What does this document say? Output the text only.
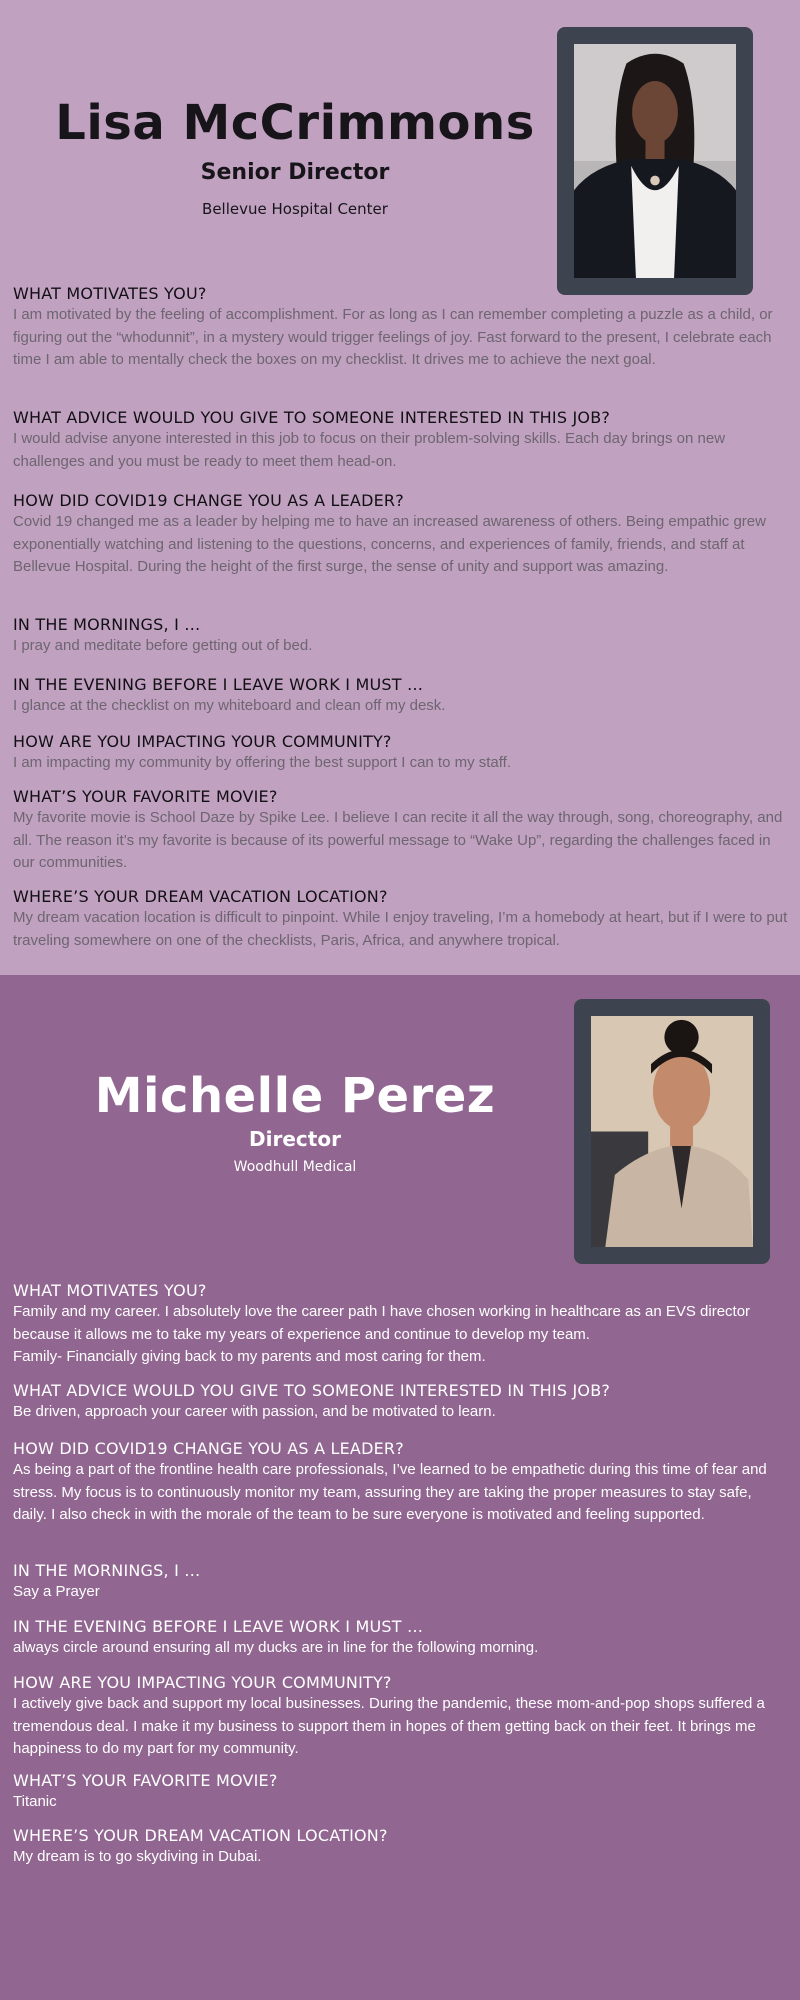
Lisa McCrimmons
Senior Director

Bellevue Hospital Center

WHAT MOTIVATES YOU?

I am motivated by the feeling of accomplishment. For as long as I can remember completing a puzzle as a child, or figuring out the “whodunnit”, in a mystery would trigger feelings of joy. Fast forward to the present, I celebrate each time I am able to mentally check the boxes on my checklist. It drives me to achieve the next goal.

WHAT ADVICE WOULD YOU GIVE TO SOMEONE INTERESTED IN THIS JOB?

I would advise anyone interested in this job to focus on their problem-solving skills. Each day brings on new challenges and you must be ready to meet them head-on.

HOW DID COVID19 CHANGE YOU AS A LEADER?

Covid 19 changed me as a leader by helping me to have an increased awareness of others. Being empathic grew exponentially watching and listening to the questions, concerns, and experiences of family, friends, and staff at Bellevue Hospital. During the height of the first surge, the sense of unity and support was amazing.

IN THE MORNINGS, I …

I pray and meditate before getting out of bed.

IN THE EVENING BEFORE I LEAVE WORK I MUST …

I glance at the checklist on my whiteboard and clean off my desk.

HOW ARE YOU IMPACTING YOUR COMMUNITY?

I am impacting my community by offering the best support I can to my staff.

WHAT’S YOUR FAVORITE MOVIE?

My favorite movie is School Daze by Spike Lee. I believe I can recite it all the way through, song, choreography, and all. The reason it’s my favorite is because of its powerful message to “Wake Up”, regarding the challenges faced in our communities.

WHERE’S YOUR DREAM VACATION LOCATION?

My dream vacation location is difficult to pinpoint. While I enjoy traveling, I’m a homebody at heart, but if I were to put traveling somewhere on one of the checklists, Paris, Africa, and anywhere tropical.

Michelle Perez
Director

Woodhull Medical

WHAT MOTIVATES YOU?

Family and my career. I absolutely love the career path I have chosen working in healthcare as an EVS director because it allows me to take my years of experience and continue to develop my team.
Family- Financially giving back to my parents and most caring for them.

WHAT ADVICE WOULD YOU GIVE TO SOMEONE INTERESTED IN THIS JOB?

Be driven, approach your career with passion, and be motivated to learn.

HOW DID COVID19 CHANGE YOU AS A LEADER?

As being a part of the frontline health care professionals, I’ve learned to be empathetic during this time of fear and stress. My focus is to continuously monitor my team, assuring they are taking the proper measures to stay safe, daily. I also check in with the morale of the team to be sure everyone is motivated and feeling supported.

IN THE MORNINGS, I …

Say a Prayer

IN THE EVENING BEFORE I LEAVE WORK I MUST …

always circle around ensuring all my ducks are in line for the following morning.

HOW ARE YOU IMPACTING YOUR COMMUNITY?

I actively give back and support my local businesses. During the pandemic, these mom-and-pop shops suffered a tremendous deal. I make it my business to support them in hopes of them getting back on their feet. It brings me happiness to do my part for my community.

WHAT’S YOUR FAVORITE MOVIE?

Titanic

WHERE’S YOUR DREAM VACATION LOCATION?

My dream is to go skydiving in Dubai.
